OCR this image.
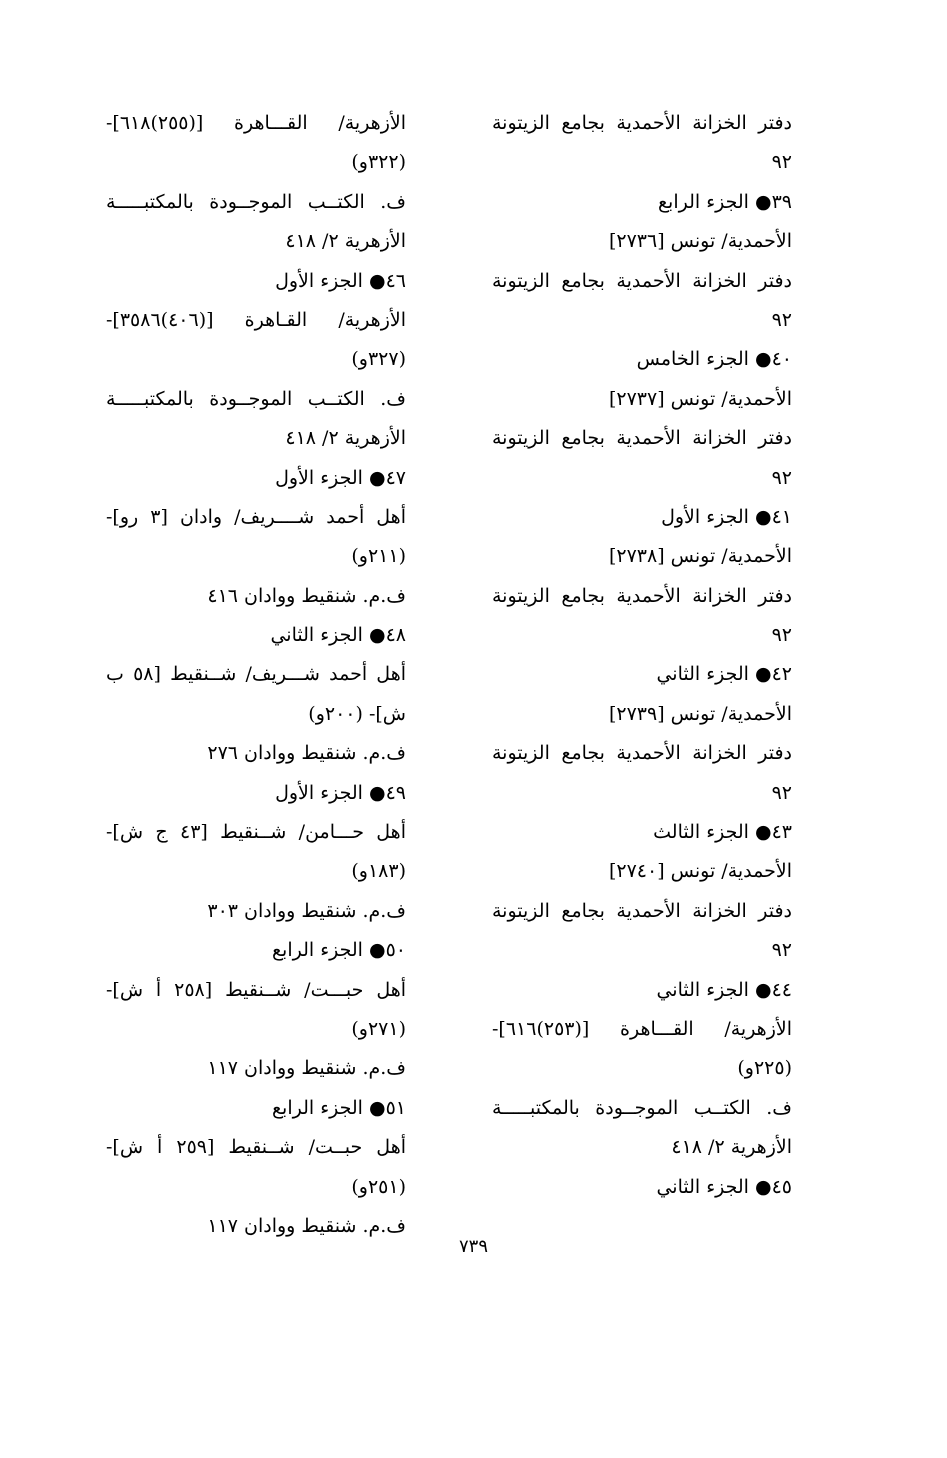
دفتر الخزانة الأحمدية بجامع الزيتونة
٩٢
٣٩● الجزء الرابع
الأحمدية/ تونس [٢٧٣٦]
دفتر الخزانة الأحمدية بجامع الزيتونة
٩٢
٤٠● الجزء الخامس
الأحمدية/ تونس [٢٧٣٧]
دفتر الخزانة الأحمدية بجامع الزيتونة
٩٢
٤١● الجزء الأول
الأحمدية/ تونس [٢٧٣٨]
دفتر الخزانة الأحمدية بجامع الزيتونة
٩٢
٤٢● الجزء الثاني
الأحمدية/ تونس [٢٧٣٩]
دفتر الخزانة الأحمدية بجامع الزيتونة
٩٢
٤٣● الجزء الثالث
الأحمدية/ تونس [٢٧٤٠]
دفتر الخزانة الأحمدية بجامع الزيتونة
٩٢
٤٤● الجزء الثاني
الأزهرية/ القـــاهرة [(٢٥٣)٦١٦]-
(٢٢٥و)
ف. الكتــب الموجــودة بالمكتبـــــة
الأزهرية ٢/ ٤١٨
٤٥● الجزء الثاني
الأزهرية/ القـــاهرة [(٢٥٥)٦١٨]-
(٣٢٢و)
ف. الكتــب الموجــودة بالمكتبـــــة
الأزهرية ٢/ ٤١٨
٤٦● الجزء الأول
الأزهرية/ القـاهرة [(٤٠٦)٣٥٨٦]-
(٣٢٧و)
ف. الكتــب الموجــودة بالمكتبـــــة
الأزهرية ٢/ ٤١٨
٤٧● الجزء الأول
أهل أحمد شــــريف/ وادان [٣ رو]-
(٢١١و)
ف.م. شنقيط ووادان ٤١٦
٤٨● الجزء الثاني
أهل أحمد شـــريف/ شــنقيط [٥٨ ب
ش]- (٢٠٠و)
ف.م. شنقيط ووادان ٢٧٦
٤٩● الجزء الأول
أهل حـــامن/ شــنقيط [٤٣ ج ش]-
(١٨٣و)
ف.م. شنقيط ووادان ٣٠٣
٥٠● الجزء الرابع
أهل حبـــت/ شــنقيط [٢٥٨ أ ش]-
(٢٧١و)
ف.م. شنقيط ووادان ١١٧
٥١● الجزء الرابع
أهل حبــت/ شــنقيط [٢٥٩ أ ش]-
(٢٥١و)
ف.م. شنقيط ووادان ١١٧
٧٣٩
